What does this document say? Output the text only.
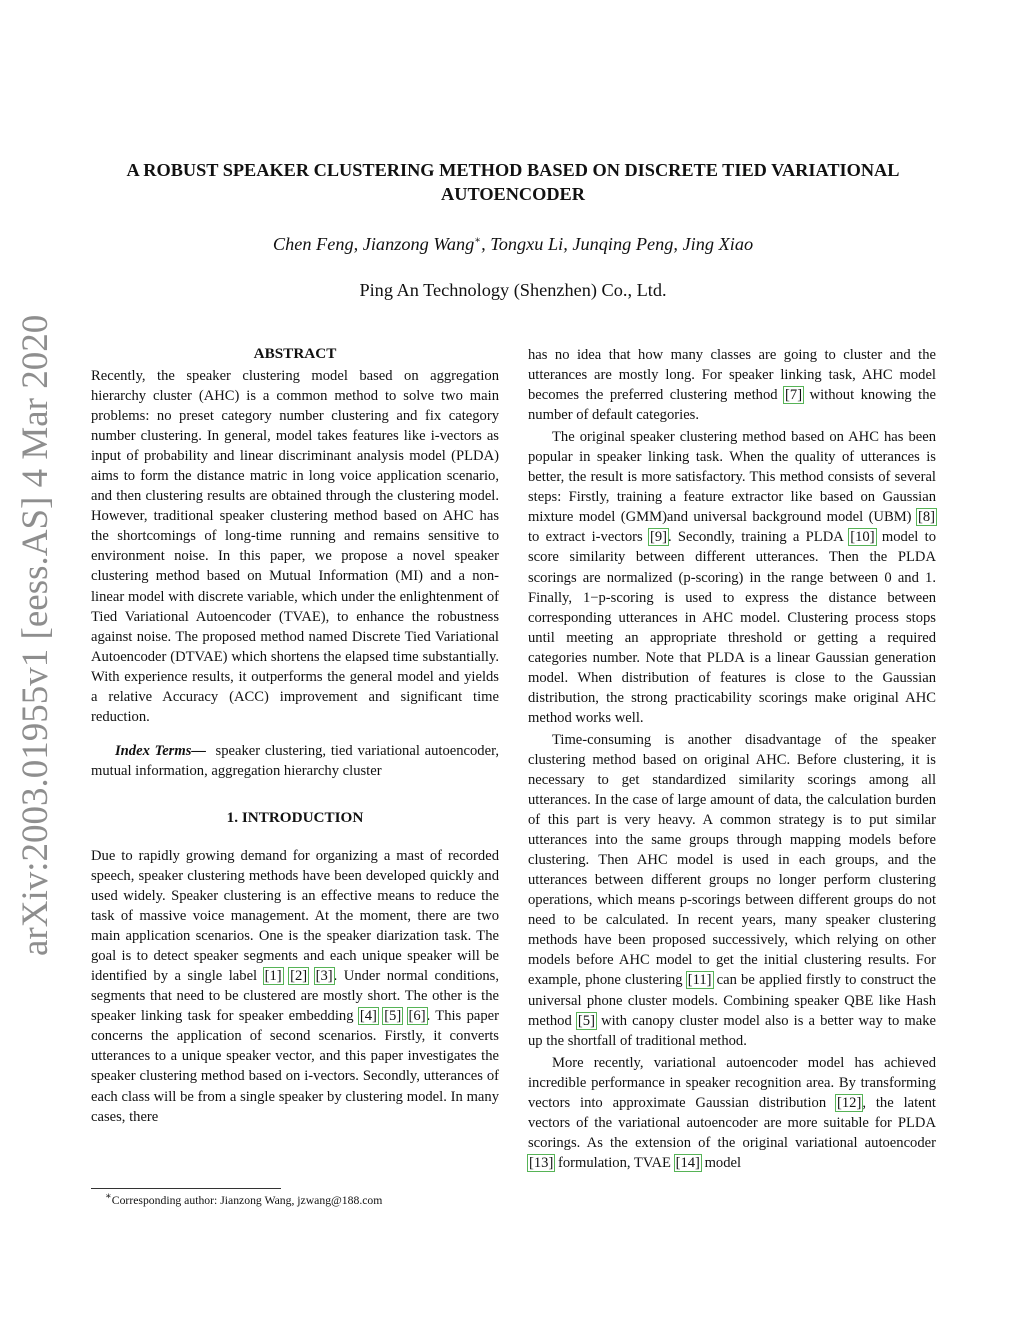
arXiv:2003.01955v1 [eess.AS] 4 Mar 2020
A ROBUST SPEAKER CLUSTERING METHOD BASED ON DISCRETE TIED VARIATIONAL
AUTOENCODER
Chen Feng, Jianzong Wang∗, Tongxu Li, Junqing Peng, Jing Xiao
Ping An Technology (Shenzhen) Co., Ltd.
ABSTRACT

Recently, the speaker clustering model based on aggregation hierarchy cluster (AHC) is a common method to solve two main problems: no preset category number clustering and fix category number clustering. In general, model takes features like i-vectors as input of probability and linear discriminant analysis model (PLDA) aims to form the distance matric in long voice application scenario, and then clustering results are obtained through the clustering model. However, traditional speaker clustering method based on AHC has the shortcomings of long-time running and remains sensitive to environment noise. In this paper, we propose a novel speaker clustering method based on Mutual Information (MI) and a non-linear model with discrete variable, which under the enlightenment of Tied Variational Autoencoder (TVAE), to enhance the robustness against noise. The proposed method named Discrete Tied Variational Autoencoder (DTVAE) which shortens the elapsed time substantially. With experience results, it outperforms the general model and yields a relative Accuracy (ACC) improvement and significant time reduction.

Index Terms— speaker clustering, tied variational autoencoder, mutual information, aggregation hierarchy cluster

1. INTRODUCTION

Due to rapidly growing demand for organizing a mast of recorded speech, speaker clustering methods have been developed quickly and used widely. Speaker clustering is an effective means to reduce the task of massive voice management. At the moment, there are two main application scenarios. One is the speaker diarization task. The goal is to detect speaker segments and each unique speaker will be identified by a single label [1] [2] [3]. Under normal conditions, segments that need to be clustered are mostly short. The other is the speaker linking task for speaker embedding [4] [5] [6]. This paper concerns the application of second scenarios. Firstly, it converts utterances to a unique speaker vector, and this paper investigates the speaker clustering method based on i-vectors. Secondly, utterances of each class will be from a single speaker by clustering model. In many cases, there

has no idea that how many classes are going to cluster and the utterances are mostly long. For speaker linking task, AHC model becomes the preferred clustering method [7] without knowing the number of default categories.

The original speaker clustering method based on AHC has been popular in speaker linking task. When the quality of utterances is better, the result is more satisfactory. This method consists of several steps: Firstly, training a feature extractor like based on Gaussian mixture model (GMM)and universal background model (UBM) [8] to extract i-vectors [9]. Secondly, training a PLDA [10] model to score similarity between different utterances. Then the PLDA scorings are normalized (p-scoring) in the range between 0 and 1. Finally, 1−p-scoring is used to express the distance between corresponding utterances in AHC model. Clustering process stops until meeting an appropriate threshold or getting a required categories number. Note that PLDA is a linear Gaussian generation model. When distribution of features is close to the Gaussian distribution, the strong practicability scorings make original AHC method works well.

Time-consuming is another disadvantage of the speaker clustering method based on original AHC. Before clustering, it is necessary to get standardized similarity scorings among all utterances. In the case of large amount of data, the calculation burden of this part is very heavy. A common strategy is to put similar utterances into the same groups through mapping models before clustering. Then AHC model is used in each groups, and the utterances between different groups no longer perform clustering operations, which means p-scorings between different groups do not need to be calculated. In recent years, many speaker clustering methods have been proposed successively, which relying on other models before AHC model to get the initial clustering results. For example, phone clustering [11] can be applied firstly to construct the universal phone cluster models. Combining speaker QBE like Hash method [5] with canopy cluster model also is a better way to make up the shortfall of traditional method.

More recently, variational autoencoder model has achieved incredible performance in speaker recognition area. By transforming vectors into approximate Gaussian distribution [12], the latent vectors of the variational autoencoder are more suitable for PLDA scorings. As the extension of the original variational autoencoder [13] formulation, TVAE [14] model

∗Corresponding author: Jianzong Wang, jzwang@188.com
